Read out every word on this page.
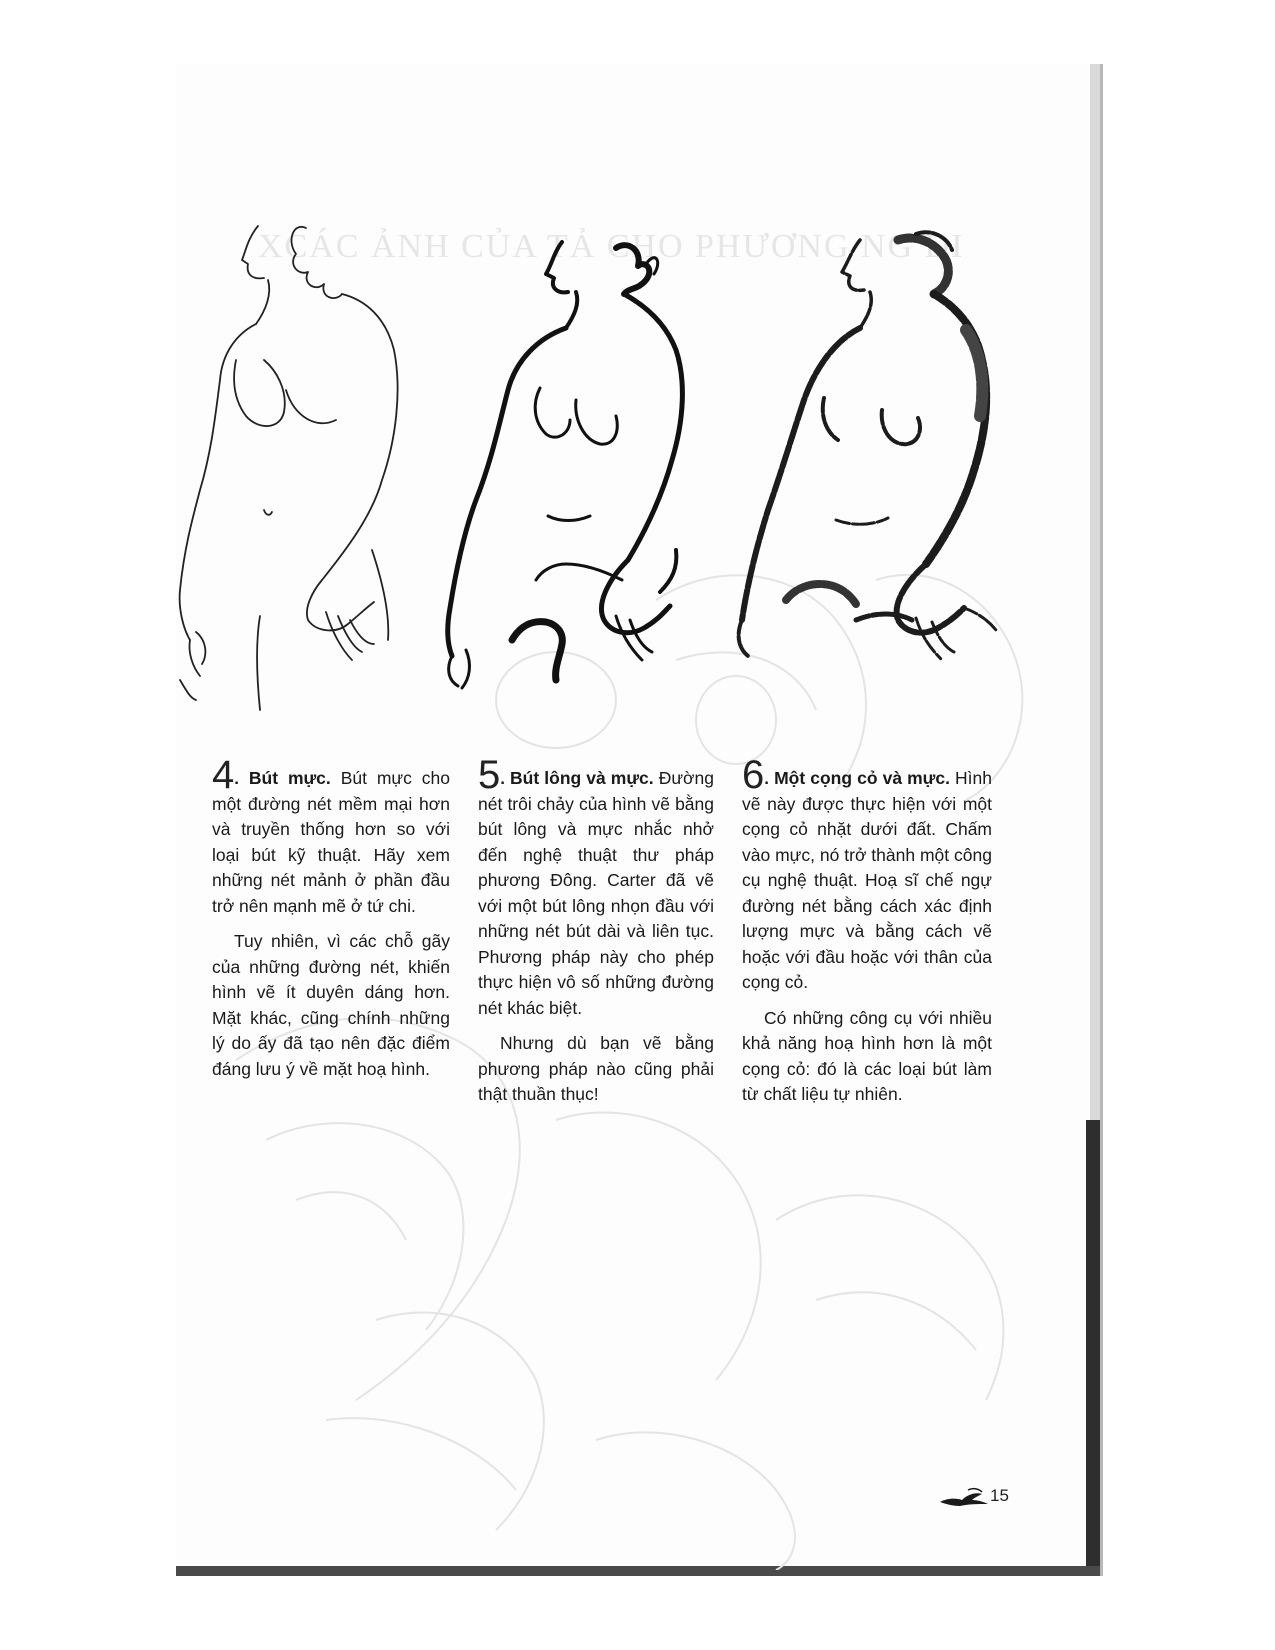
XCÁC ẢNH CỦA TẢ CHO PHƯƠNG NG ĐI

4. Bút mực. Bút mực cho một đường nét mềm mại hơn và truyền thống hơn so với loại bút kỹ thuật. Hãy xem những nét mảnh ở phần đầu trở nên mạnh mẽ ở tứ chi.

Tuy nhiên, vì các chỗ gãy của những đường nét, khiến hình vẽ ít duyên dáng hơn. Mặt khác, cũng chính những lý do ấy đã tạo nên đặc điểm đáng lưu ý về mặt hoạ hình.

5. Bút lông và mực. Đường nét trôi chảy của hình vẽ bằng bút lông và mực nhắc nhở đến nghệ thuật thư pháp phương Đông. Carter đã vẽ với một bút lông nhọn đầu với những nét bút dài và liên tục. Phương pháp này cho phép thực hiện vô số những đường nét khác biệt.

Nhưng dù bạn vẽ bằng phương pháp nào cũng phải thật thuần thục!

6. Một cọng cỏ và mực. Hình vẽ này được thực hiện với một cọng cỏ nhặt dưới đất. Chấm vào mực, nó trở thành một công cụ nghệ thuật. Hoạ sĩ chế ngự đường nét bằng cách xác định lượng mực và bằng cách vẽ hoặc với đầu hoặc với thân của cọng cỏ.

Có những công cụ với nhiều khả năng hoạ hình hơn là một cọng cỏ: đó là các loại bút làm từ chất liệu tự nhiên.

15
